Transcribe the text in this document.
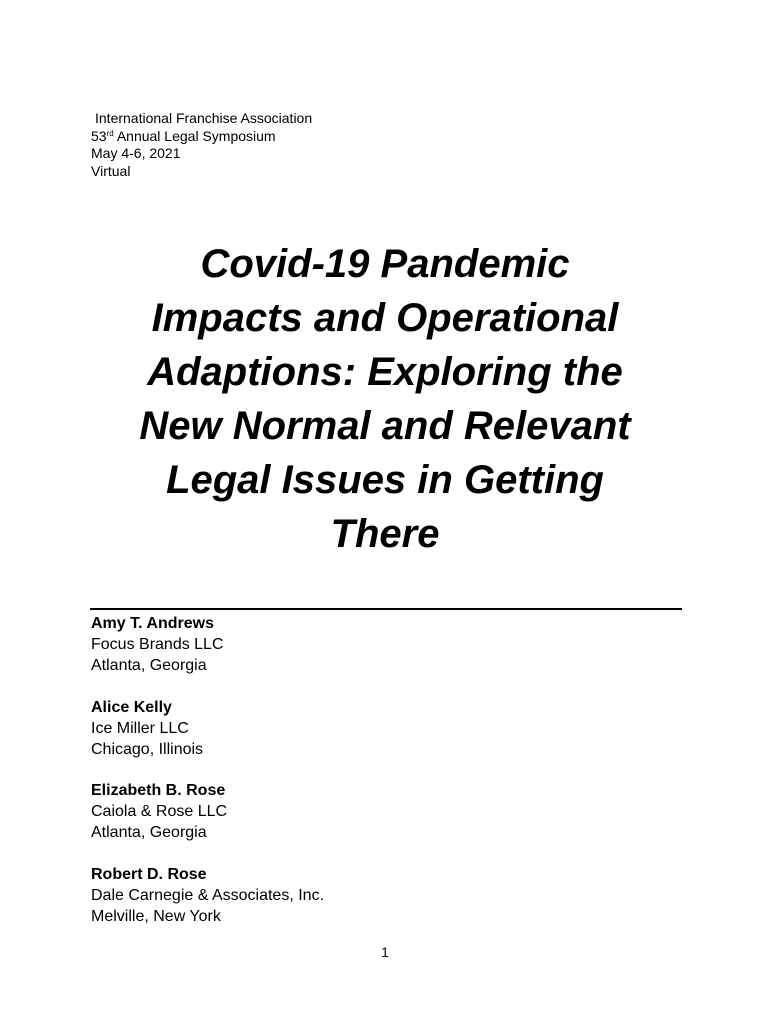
International Franchise Association
53rd Annual Legal Symposium
May 4-6, 2021
Virtual
Covid-19 Pandemic
Impacts and Operational
Adaptions: Exploring the
New Normal and Relevant
Legal Issues in Getting
There
Amy T. Andrews
Focus Brands LLC
Atlanta, Georgia
Alice Kelly
Ice Miller LLC
Chicago, Illinois
Elizabeth B. Rose
Caiola & Rose LLC
Atlanta, Georgia
Robert D. Rose
Dale Carnegie & Associates, Inc.
Melville, New York
1
